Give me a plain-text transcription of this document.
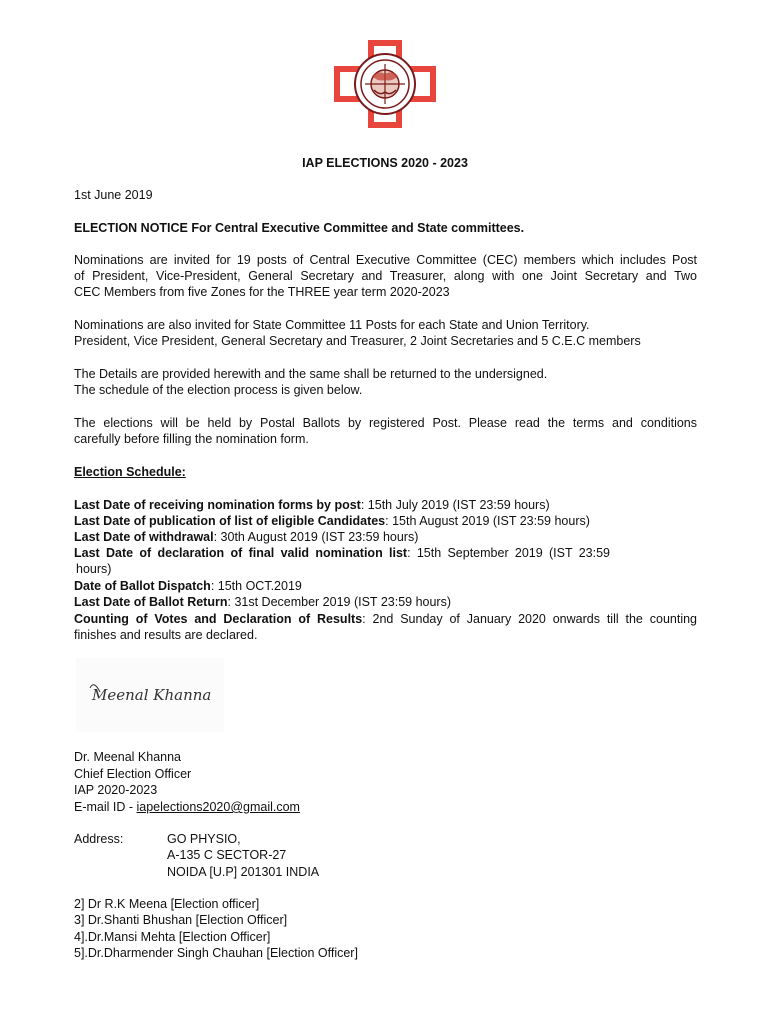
IAP ELECTIONS 2020 - 2023
1st June 2019
ELECTION NOTICE For Central Executive Committee and State committees.
Nominations are invited for 19 posts of Central Executive Committee (CEC) members which includes Post
of President, Vice-President, General Secretary and Treasurer, along with one Joint Secretary and Two
CEC Members from five Zones for the THREE year term 2020-2023
Nominations are also invited for State Committee 11 Posts for each State and Union Territory.
President, Vice President, General Secretary and Treasurer, 2 Joint Secretaries and 5 C.E.C members
The Details are provided herewith and the same shall be returned to the undersigned.
The schedule of the election process is given below.
The elections will be held by Postal Ballots by registered Post. Please read the terms and conditions
carefully before filling the nomination form.
Election Schedule:
Last Date of receiving nomination forms by post: 15th July 2019 (IST 23:59 hours)
Last Date of publication of list of eligible Candidates: 15th August 2019 (IST 23:59 hours)
Last Date of withdrawal: 30th August 2019 (IST 23:59 hours)
Last Date of declaration of final valid nomination list: 15th September 2019 (IST 23:59
hours)
Date of Ballot Dispatch: 15th OCT.2019
Last Date of Ballot Return: 31st December 2019 (IST 23:59 hours)
Counting of Votes and Declaration of Results: 2nd Sunday of January 2020 onwards till the counting
finishes and results are declared.
Meenal Khanna
Dr. Meenal Khanna
Chief Election Officer
IAP 2020-2023
E-mail ID - iapelections2020@gmail.com
Address:	GO PHYSIO,
A-135 C SECTOR-27
NOIDA [U.P] 201301 INDIA
2] Dr R.K Meena [Election officer]
3] Dr.Shanti Bhushan [Election Officer]
4].Dr.Mansi Mehta [Election Officer]
5].Dr.Dharmender Singh Chauhan [Election Officer]
